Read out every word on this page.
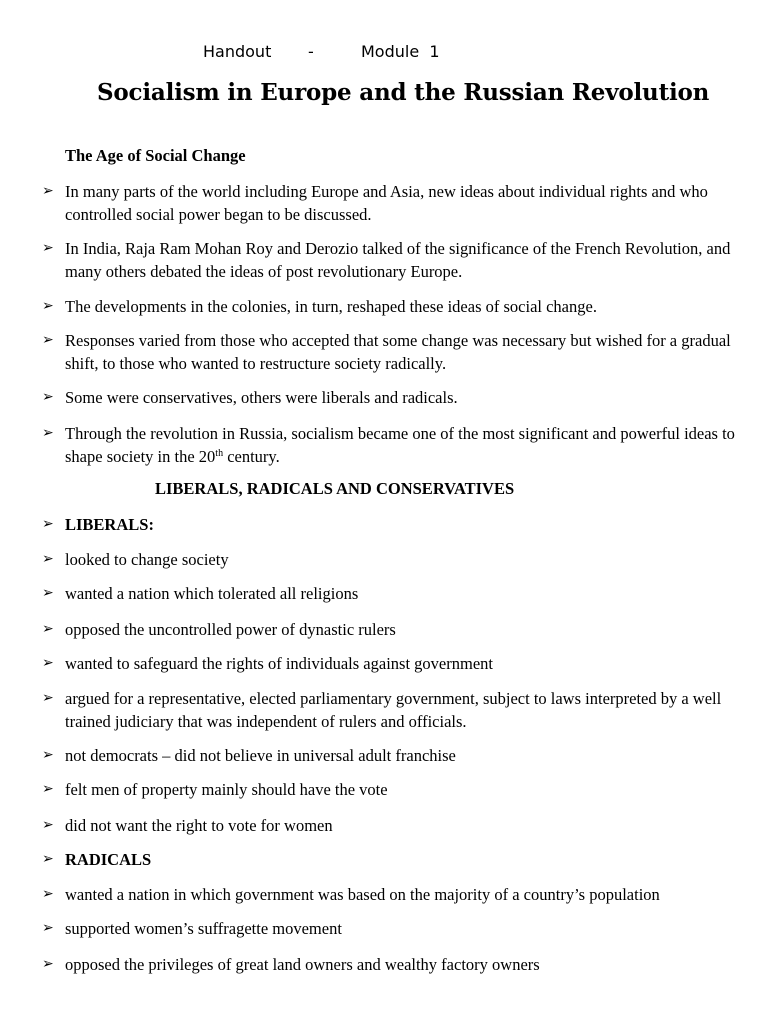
Handout

-

	Module  1

Socialism in Europe and the Russian Revolution
The Age of Social Change
➢ In many parts of the world including Europe and Asia, new ideas about individual rights and who controlled social power began to be discussed.
➢ In India, Raja Ram Mohan Roy and Derozio talked of the significance of the French Revolution, and many others debated the ideas of post revolutionary Europe.
➢ The developments in the colonies, in turn, reshaped these ideas of social change.
➢ Responses varied from those who accepted that some change was necessary but wished for a gradual shift, to those who wanted to restructure society radically.
➢ Some were conservatives, others were liberals and radicals.
➢ Through the revolution in Russia, socialism became one of the most significant and powerful ideas to shape society in the 20th century.
LIBERALS, RADICALS AND CONSERVATIVES
➢ LIBERALS:
➢ looked to change society
➢ wanted a nation which tolerated all religions
➢ opposed the uncontrolled power of dynastic rulers
➢ wanted to safeguard the rights of individuals against government
➢ argued for a representative, elected parliamentary government, subject to laws interpreted by a well trained judiciary that was independent of rulers and officials.
➢ not democrats – did not believe in universal adult franchise
➢ felt men of property mainly should have the vote
➢ did not want the right to vote for women
➢ RADICALS
➢ wanted a nation in which government was based on the majority of a country’s population
➢ supported women’s suffragette movement
➢ opposed the privileges of great land owners and wealthy factory owners
